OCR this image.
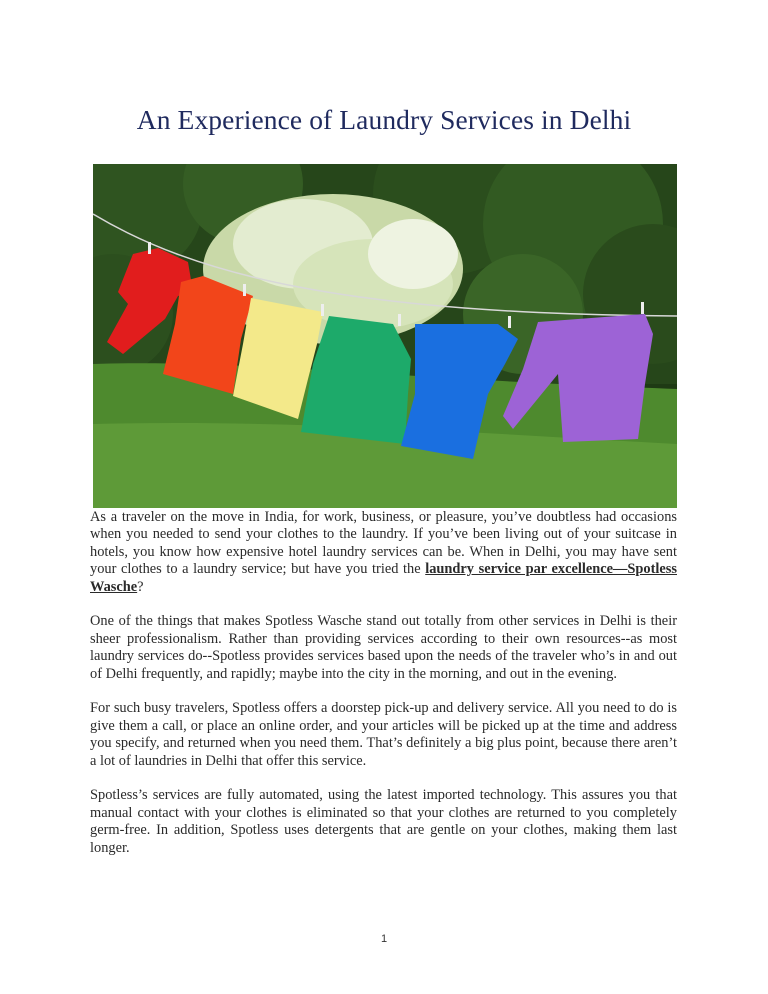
An Experience of Laundry Services in Delhi

As a traveler on the move in India, for work, business, or pleasure, you’ve doubtless had occasions when you needed to send your clothes to the laundry. If you’ve been living out of your suitcase in hotels, you know how expensive hotel laundry services can be. When in Delhi, you may have sent your clothes to a laundry service; but have you tried the laundry service par excellence—Spotless Wasche?

One of the things that makes Spotless Wasche stand out totally from other services in Delhi is their sheer professionalism. Rather than providing services according to their own resources--as most laundry services do--Spotless provides services based upon the needs of the traveler who’s in and out of Delhi frequently, and rapidly; maybe into the city in the morning, and out in the evening.

For such busy travelers, Spotless offers a doorstep pick-up and delivery service. All you need to do is give them a call, or place an online order, and your articles will be picked up at the time and address you specify, and returned when you need them. That’s definitely a big plus point, because there aren’t a lot of laundries in Delhi that offer this service.

Spotless’s services are fully automated, using the latest imported technology. This assures you that manual contact with your clothes is eliminated so that your clothes are returned to you completely germ-free. In addition, Spotless uses detergents that are gentle on your clothes, making them last longer.

1
